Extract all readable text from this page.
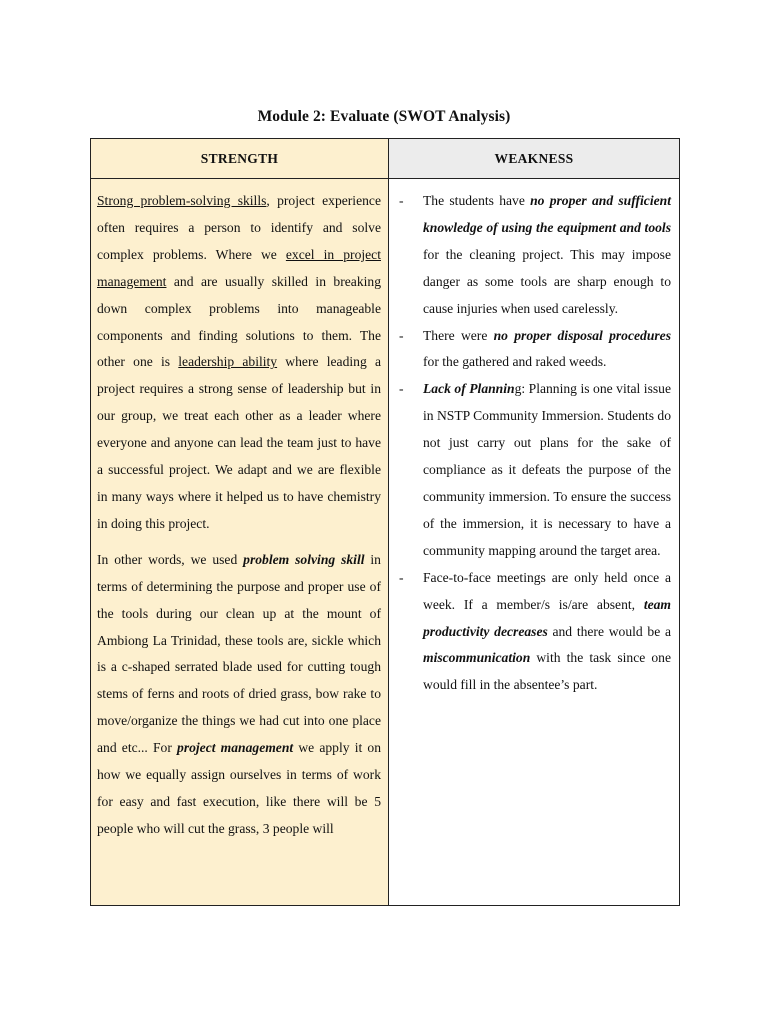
Module 2: Evaluate (SWOT Analysis)
STRENGTH	WEAKNESS

Strong problem-solving skills, project experience often requires a person to identify and solve complex problems. Where we excel in project management and are usually skilled in breaking down complex problems into manageable components and finding solutions to them. The other one is leadership ability where leading a project requires a strong sense of leadership but in our group, we treat each other as a leader where everyone and anyone can lead the team just to have a successful project. We adapt and we are flexible in many ways where it helped us to have chemistry in doing this project.

In other words, we used problem solving skill in terms of determining the purpose and proper use of the tools during our clean up at the mount of Ambiong La Trinidad, these tools are, sickle which is a c-shaped serrated blade used for cutting tough stems of ferns and roots of dried grass, bow rake to move/organize the things we had cut into one place and etc... For project management we apply it on how we equally assign ourselves in terms of work for easy and fast execution, like there will be 5 people who will cut the grass, 3 people will

- The students have no proper and sufficient knowledge of using the equipment and tools for the cleaning project. This may impose danger as some tools are sharp enough to cause injuries when used carelessly.
- There were no proper disposal procedures for the gathered and raked weeds.
- Lack of Planning: Planning is one vital issue in NSTP Community Immersion. Students do not just carry out plans for the sake of compliance as it defeats the purpose of the community immersion. To ensure the success of the immersion, it is necessary to have a community mapping around the target area.
- Face-to-face meetings are only held once a week. If a member/s is/are absent, team productivity decreases and there would be a miscommunication with the task since one would fill in the absentee’s part.
